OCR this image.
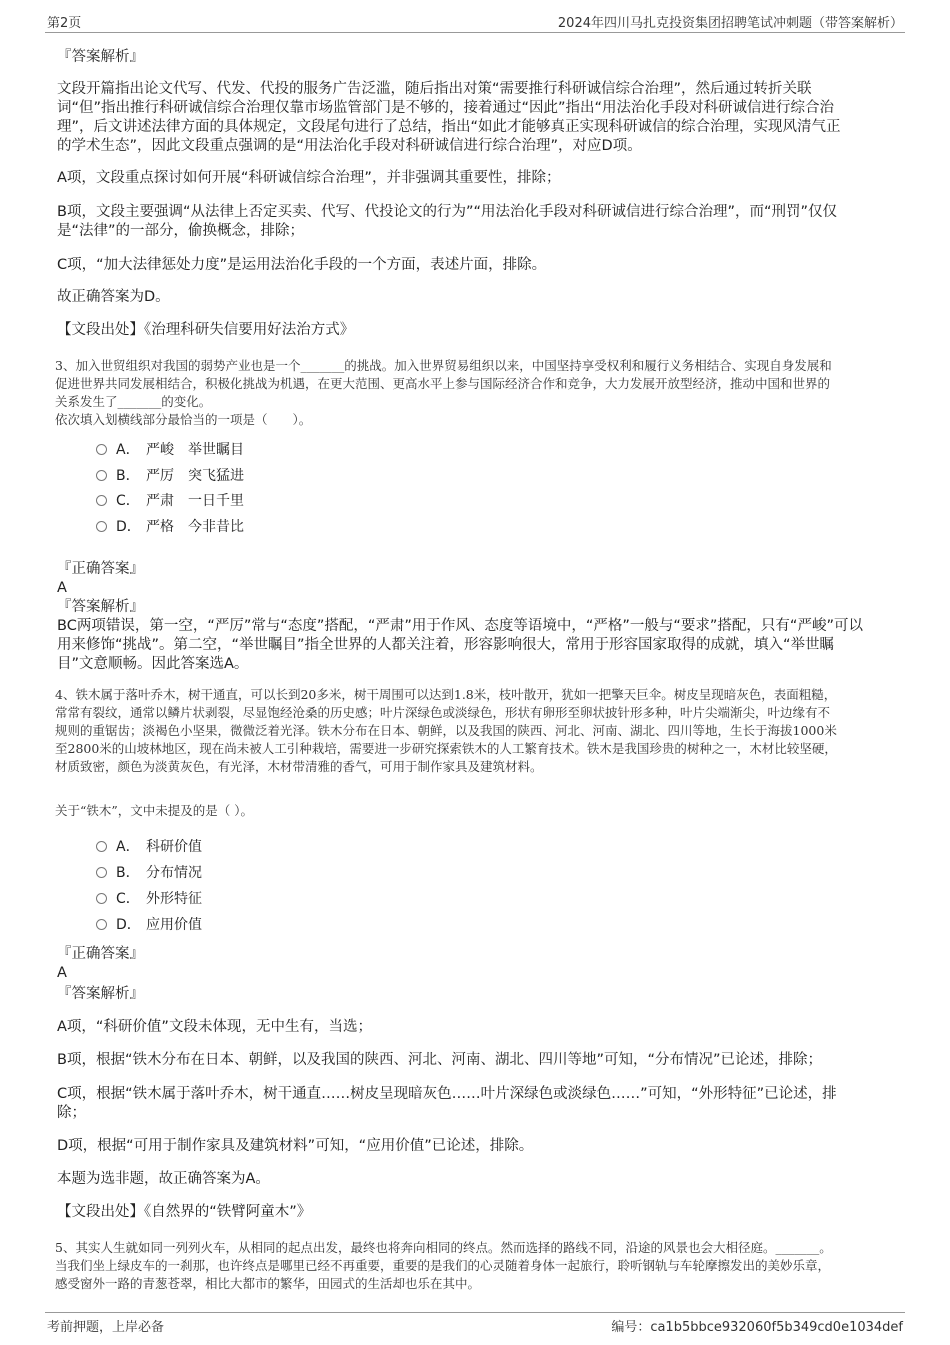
第2页	2024年四川马扎克投资集团招聘笔试冲刺题（带答案解析）
『答案解析』
文段开篇指出论文代写、代发、代投的服务广告泛滥，随后指出对策“需要推行科研诚信综合治理”，然后通过转折关联
词“但”指出推行科研诚信综合治理仅靠市场监管部门是不够的，接着通过“因此”指出“用法治化手段对科研诚信进行综合治
理”，后文讲述法律方面的具体规定，文段尾句进行了总结，指出“如此才能够真正实现科研诚信的综合治理，实现风清气正
的学术生态”，因此文段重点强调的是“用法治化手段对科研诚信进行综合治理”，对应D项。
A项，文段重点探讨如何开展“科研诚信综合治理”，并非强调其重要性，排除；
B项，文段主要强调“从法律上否定买卖、代写、代投论文的行为”“用法治化手段对科研诚信进行综合治理”，而“刑罚”仅仅
是“法律”的一部分，偷换概念，排除；
C项，“加大法律惩处力度”是运用法治化手段的一个方面，表述片面，排除。
故正确答案为D。
【文段出处】《治理科研失信要用好法治方式》
3、加入世贸组织对我国的弱势产业也是一个_______的挑战。加入世界贸易组织以来，中国坚持享受权利和履行义务相结合、实现自身发展和
促进世界共同发展相结合，积极化挑战为机遇，在更大范围、更高水平上参与国际经济合作和竞争，大力发展开放型经济，推动中国和世界的
关系发生了_______的变化。
依次填入划横线部分最恰当的一项是（　　）。
A． 严峻 举世瞩目
B． 严厉 突飞猛进
C． 严肃 一日千里
D． 严格 今非昔比
『正确答案』
A
『答案解析』
BC两项错误，第一空，“严厉”常与“态度”搭配，“严肃”用于作风、态度等语境中，“严格”一般与“要求”搭配，只有“严峻”可以
用来修饰“挑战”。第二空，“举世瞩目”指全世界的人都关注着，形容影响很大，常用于形容国家取得的成就，填入“举世瞩
目”文意顺畅。因此答案选A。
4、铁木属于落叶乔木，树干通直，可以长到20多米，树干周围可以达到1.8米，枝叶散开，犹如一把擎天巨伞。树皮呈现暗灰色，表面粗糙，
常常有裂纹，通常以鳞片状剥裂，尽显饱经沧桑的历史感；叶片深绿色或淡绿色，形状有卵形至卵状披针形多种，叶片尖端渐尖，叶边缘有不
规则的重锯齿；淡褐色小坚果，微微泛着光泽。铁木分布在日本、朝鲜，以及我国的陕西、河北、河南、湖北、四川等地，生长于海拔1000米
至2800米的山坡林地区，现在尚未被人工引种栽培，需要进一步研究探索铁木的人工繁育技术。铁木是我国珍贵的树种之一，木材比较坚硬，
材质致密，颜色为淡黄灰色，有光泽，木材带清雅的香气，可用于制作家具及建筑材料。
关于“铁木”，文中未提及的是（ ）。
A． 科研价值
B． 分布情况
C． 外形特征
D． 应用价值
『正确答案』
A
『答案解析』
A项，“科研价值”文段未体现，无中生有，当选；
B项，根据“铁木分布在日本、朝鲜，以及我国的陕西、河北、河南、湖北、四川等地”可知，“分布情况”已论述，排除；
C项，根据“铁木属于落叶乔木，树干通直……树皮呈现暗灰色……叶片深绿色或淡绿色……”可知，“外形特征”已论述，排
除；
D项，根据“可用于制作家具及建筑材料”可知，“应用价值”已论述，排除。
本题为选非题，故正确答案为A。
【文段出处】《自然界的“铁臂阿童木”》
5、其实人生就如同一列列火车，从相同的起点出发，最终也将奔向相同的终点。然而选择的路线不同，沿途的风景也会大相径庭。_______。
当我们坐上绿皮车的一刹那，也许终点是哪里已经不再重要，重要的是我们的心灵随着身体一起旅行，聆听钢轨与车轮摩擦发出的美妙乐章，
感受窗外一路的青葱苍翠，相比大都市的繁华，田园式的生活却也乐在其中。
考前押题，上岸必备	编号：ca1b5bbce932060f5b349cd0e1034def
